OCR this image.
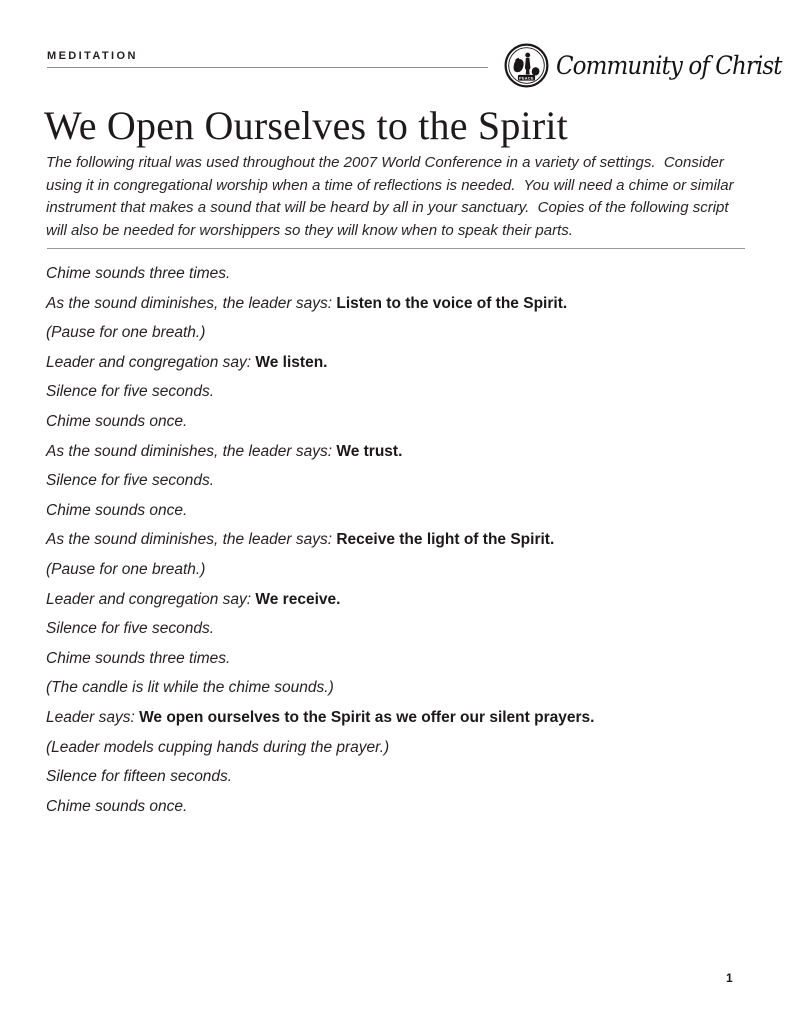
MEDITATION
PEACE Community of Christ
We Open Ourselves to the Spirit

The following ritual was used throughout the 2007 World Conference in a variety of settings.  Consider using it in congregational worship when a time of reflections is needed.  You will need a chime or similar instrument that makes a sound that will be heard by all in your sanctuary.  Copies of the following script will also be needed for worshippers so they will know when to speak their parts.

Chime sounds three times.

As the sound diminishes, the leader says: Listen to the voice of the Spirit.

(Pause for one breath.)

Leader and congregation say: We listen.

Silence for five seconds.

Chime sounds once.

As the sound diminishes, the leader says: We trust.

Silence for five seconds.

Chime sounds once.

As the sound diminishes, the leader says: Receive the light of the Spirit.

(Pause for one breath.)

Leader and congregation say: We receive.

Silence for five seconds.

Chime sounds three times.

(The candle is lit while the chime sounds.)

Leader says: We open ourselves to the Spirit as we offer our silent prayers.

(Leader models cupping hands during the prayer.)

Silence for fifteen seconds.

Chime sounds once.

1
